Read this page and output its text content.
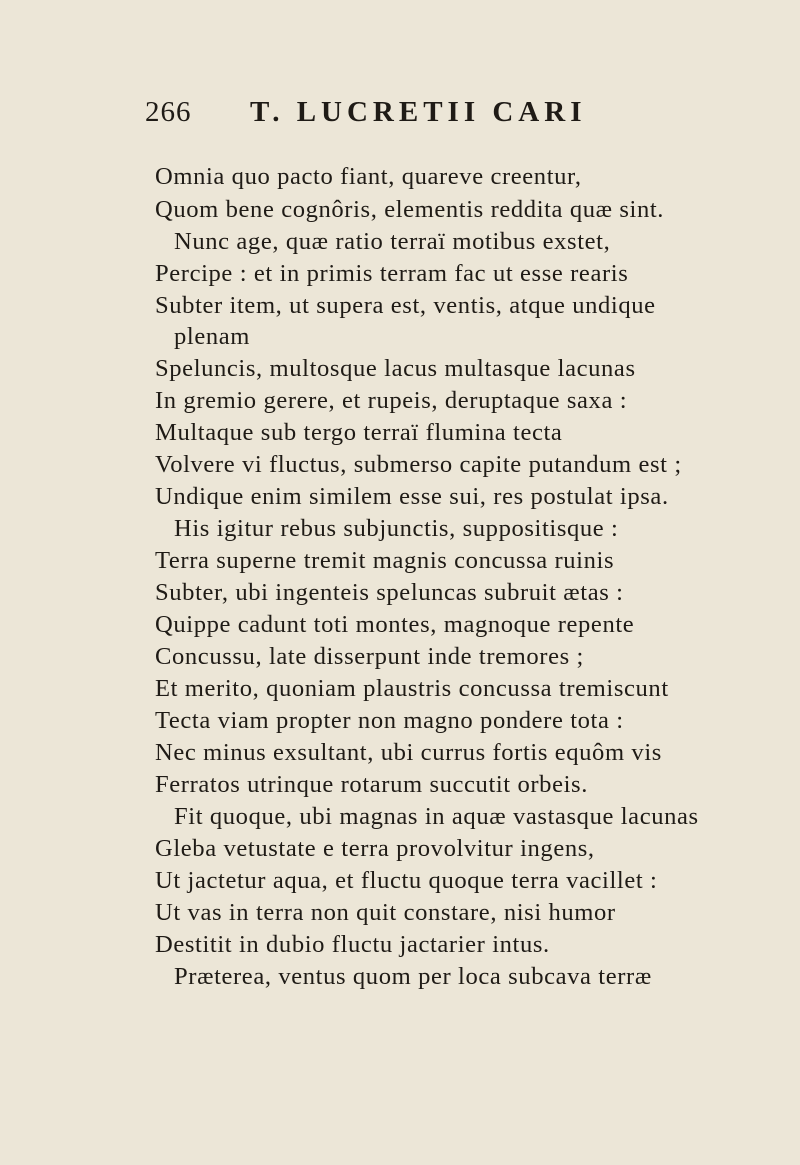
266 T. LUCRETII CARI
Omnia quo pacto fiant, quareve creentur,
Quom bene cognôris, elementis reddita quæ sint.
Nunc age, quæ ratio terraï motibus exstet,
Percipe : et in primis terram fac ut esse rearis
Subter item, ut supera est, ventis, atque undique
plenam
Speluncis, multosque lacus multasque lacunas
In gremio gerere, et rupeis, deruptaque saxa :
Multaque sub tergo terraï flumina tecta
Volvere vi fluctus, submerso capite putandum est ;
Undique enim similem esse sui, res postulat ipsa.
His igitur rebus subjunctis, suppositisque :
Terra superne tremit magnis concussa ruinis
Subter, ubi ingenteis speluncas subruit ætas :
Quippe cadunt toti montes, magnoque repente
Concussu, late disserpunt inde tremores ;
Et merito, quoniam plaustris concussa tremiscunt
Tecta viam propter non magno pondere tota :
Nec minus exsultant, ubi currus fortis equôm vis
Ferratos utrinque rotarum succutit orbeis.
Fit quoque, ubi magnas in aquæ vastasque lacunas
Gleba vetustate e terra provolvitur ingens,
Ut jactetur aqua, et fluctu quoque terra vacillet :
Ut vas in terra non quit constare, nisi humor
Destitit in dubio fluctu jactarier intus.
Præterea, ventus quom per loca subcava terræ
